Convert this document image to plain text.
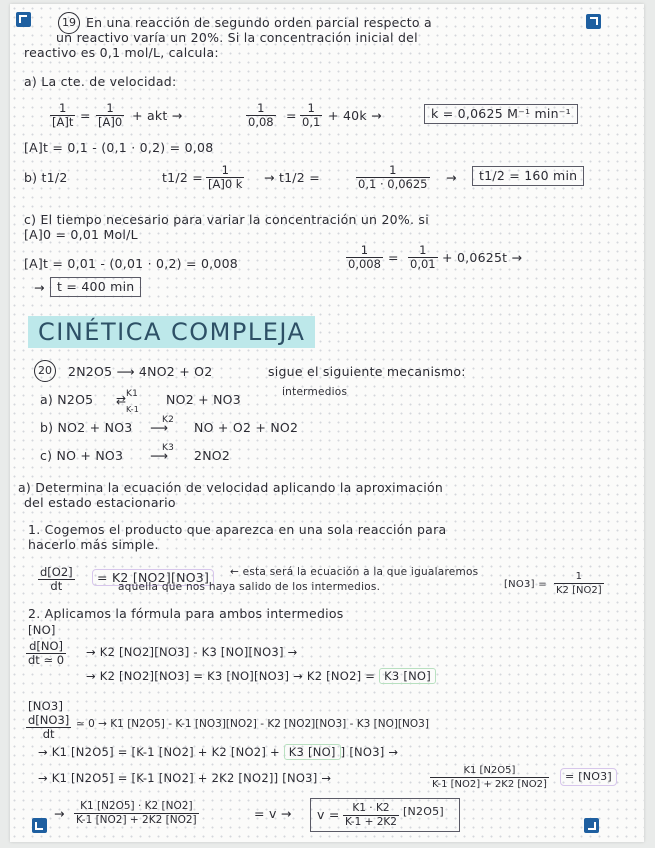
19 En una reacción de segundo orden parcial respecto a
un reactivo varía un 20%. Si la concentración inicial del
reactivo es 0,1 mol/L, calcula:
a) La cte. de velocidad:
$\frac{1}{[A]t} = \frac{1}{[A]0}$ + akt →	$\frac{1}{0,08} = \frac{1}{0,1} + 40k$ →	k = 0,0625 M⁻¹ min⁻¹
[A]t = 0,1 - (0,1 · 0,2) = 0,08
b) t1/2	$t1/2 = \frac{1}{[A]0 k} \to t1/2$ =	$\frac{1}{0,1 \cdot 0,0625}$ →	t1/2 = 160 min
c) El tiempo necesario para variar la concentración un 20%. si
[A]0 = 0,01 Mol/L
[A]t = 0,01 - (0,01 · 0,2) = 0,008	$\frac{1}{0,008} = \frac{1}{0,01} + 0,0625t$ →
→ t = 400 min
CINÉTICA COMPLEJA
20	2N2O5 ⟶ 4NO2 + O2	sigue el siguiente mecanismo:
a) N2O5	K1
⇄
K-1
NO2 + NO3	intermedios
b) NO2 + NO3	K2
⟶ NO + O2 + NO2
c) NO + NO3	K3
⟶ 2NO2
a) Determina la ecuación de velocidad aplicando la aproximación
del estado estacionario
1. Cogemos el producto que aparezca en una sola reacción para
hacerlo más simple.
$\frac{d[O2]}{dt}$	= K2 [NO2][NO3]	← esta será la ecuación a la que igualaremos
aquella que nos haya salido de los intermedios.	$[NO3] = \frac{1}{K2 [NO2]}$
2. Aplicamos la fórmula para ambos intermedios
[NO]
$\frac{d[NO]}{dt ≃ 0} \to K2$ [NO2][NO3] - K3 [NO][NO3] →
→ K2 [NO2][NO3] = K3 [NO][NO3] → K2 [NO2] = K3 [NO]
[NO3]
$\frac{d[NO3]}{dt}$ ≃ 0 → K1 [N2O5] - K-1 [NO3][NO2] - K2 [NO2][NO3] - K3 [NO][NO3]
→ K1 [N2O5] = [K-1 [NO2] + K2 [NO2] + K3 [NO] ] [NO3] →
→ K1 [N2O5] = [K-1 [NO2] + 2K2 [NO2]] [NO3] →	$\frac{K1 [N2O5]}{K-1 [NO2] + 2K2 [NO2]}$	= [NO3]
→ $\frac{K1 [N2O5] \cdot K2 [NO2]}{K-1 [NO2] + 2K2 [NO2]}$	= $v \to v = \frac{K1 \cdot K2}{K-1 + 2K2} [N2O5]$
